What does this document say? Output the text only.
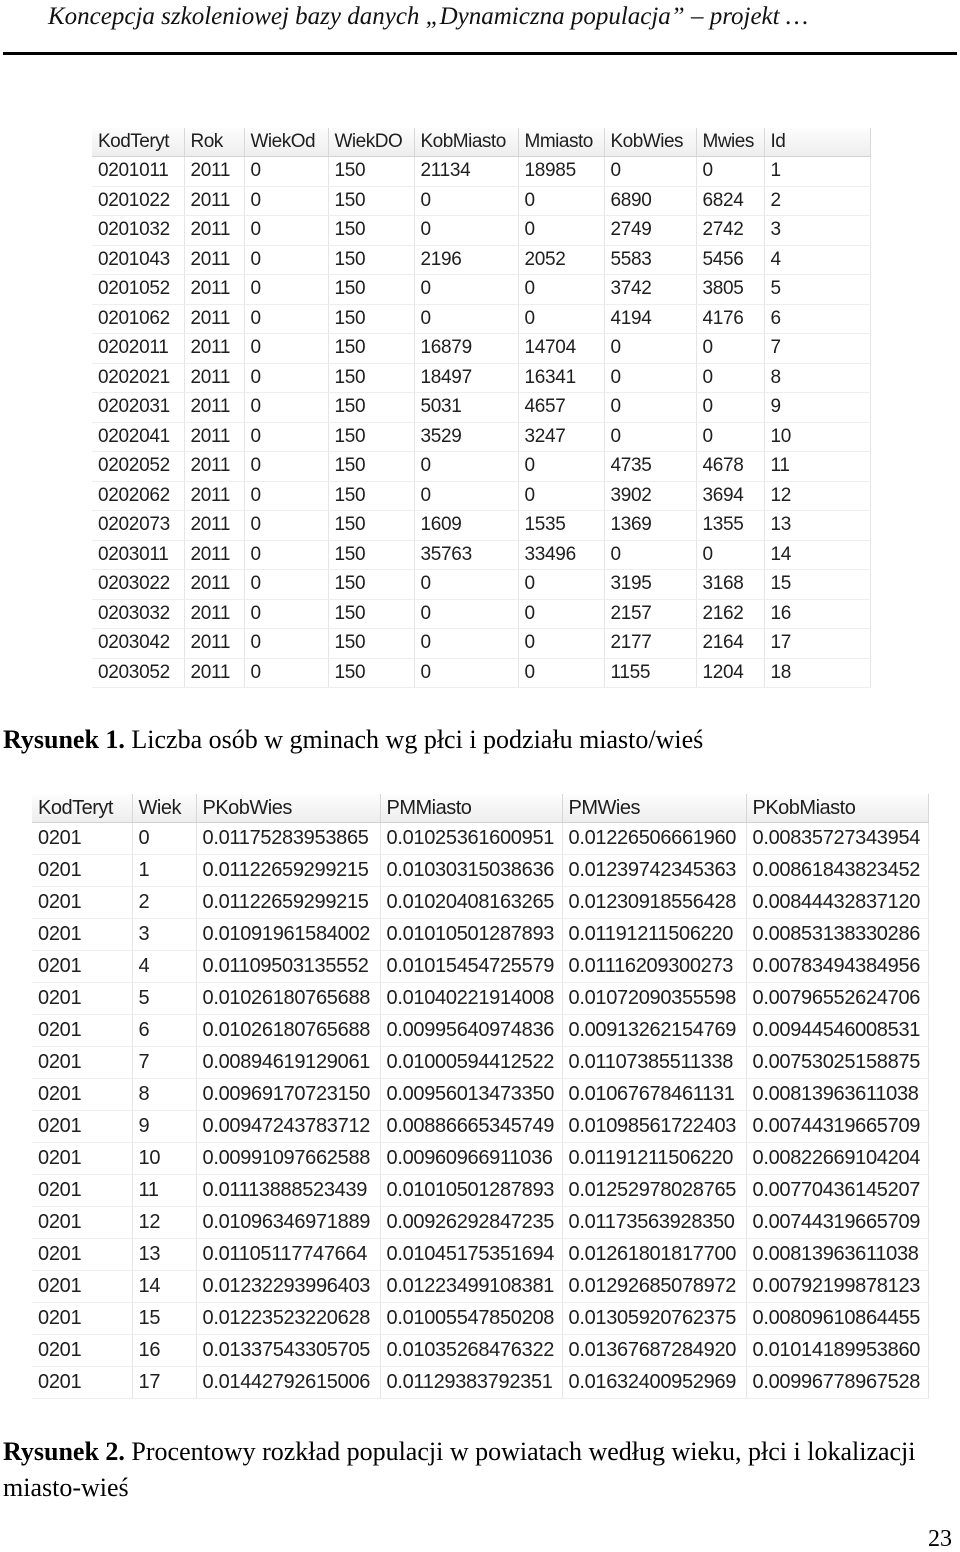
Koncepcja szkoleniowej bazy danych „Dynamiczna populacja” – projekt …
KodTeryt	Rok	WiekOd	WiekDO	KobMiasto	Mmiasto	KobWies	Mwies	Id
0201011	2011	0	150	21134	18985	0	0	1
0201022	2011	0	150	0	0	6890	6824	2
0201032	2011	0	150	0	0	2749	2742	3
0201043	2011	0	150	2196	2052	5583	5456	4
0201052	2011	0	150	0	0	3742	3805	5
0201062	2011	0	150	0	0	4194	4176	6
0202011	2011	0	150	16879	14704	0	0	7
0202021	2011	0	150	18497	16341	0	0	8
0202031	2011	0	150	5031	4657	0	0	9
0202041	2011	0	150	3529	3247	0	0	10
0202052	2011	0	150	0	0	4735	4678	11
0202062	2011	0	150	0	0	3902	3694	12
0202073	2011	0	150	1609	1535	1369	1355	13
0203011	2011	0	150	35763	33496	0	0	14
0203022	2011	0	150	0	0	3195	3168	15
0203032	2011	0	150	0	0	2157	2162	16
0203042	2011	0	150	0	0	2177	2164	17
0203052	2011	0	150	0	0	1155	1204	18
Rysunek 1. Liczba osób w gminach wg płci i podziału miasto/wieś
KodTeryt	Wiek	PKobWies	PMMiasto	PMWies	PKobMiasto
0201	0	0.01175283953865	0.01025361600951	0.01226506661960	0.00835727343954
0201	1	0.01122659299215	0.01030315038636	0.01239742345363	0.00861843823452
0201	2	0.01122659299215	0.01020408163265	0.01230918556428	0.00844432837120
0201	3	0.01091961584002	0.01010501287893	0.01191211506220	0.00853138330286
0201	4	0.01109503135552	0.01015454725579	0.01116209300273	0.00783494384956
0201	5	0.01026180765688	0.01040221914008	0.01072090355598	0.00796552624706
0201	6	0.01026180765688	0.00995640974836	0.00913262154769	0.00944546008531
0201	7	0.00894619129061	0.01000594412522	0.01107385511338	0.00753025158875
0201	8	0.00969170723150	0.00956013473350	0.01067678461131	0.00813963611038
0201	9	0.00947243783712	0.00886665345749	0.01098561722403	0.00744319665709
0201	10	0.00991097662588	0.00960966911036	0.01191211506220	0.00822669104204
0201	11	0.01113888523439	0.01010501287893	0.01252978028765	0.00770436145207
0201	12	0.01096346971889	0.00926292847235	0.01173563928350	0.00744319665709
0201	13	0.01105117747664	0.01045175351694	0.01261801817700	0.00813963611038
0201	14	0.01232293996403	0.01223499108381	0.01292685078972	0.00792199878123
0201	15	0.01223523220628	0.01005547850208	0.01305920762375	0.00809610864455
0201	16	0.01337543305705	0.01035268476322	0.01367687284920	0.01014189953860
0201	17	0.01442792615006	0.01129383792351	0.01632400952969	0.00996778967528
Rysunek 2. Procentowy rozkład populacji w powiatach według wieku, płci i lokalizacji miasto-wieś
23
